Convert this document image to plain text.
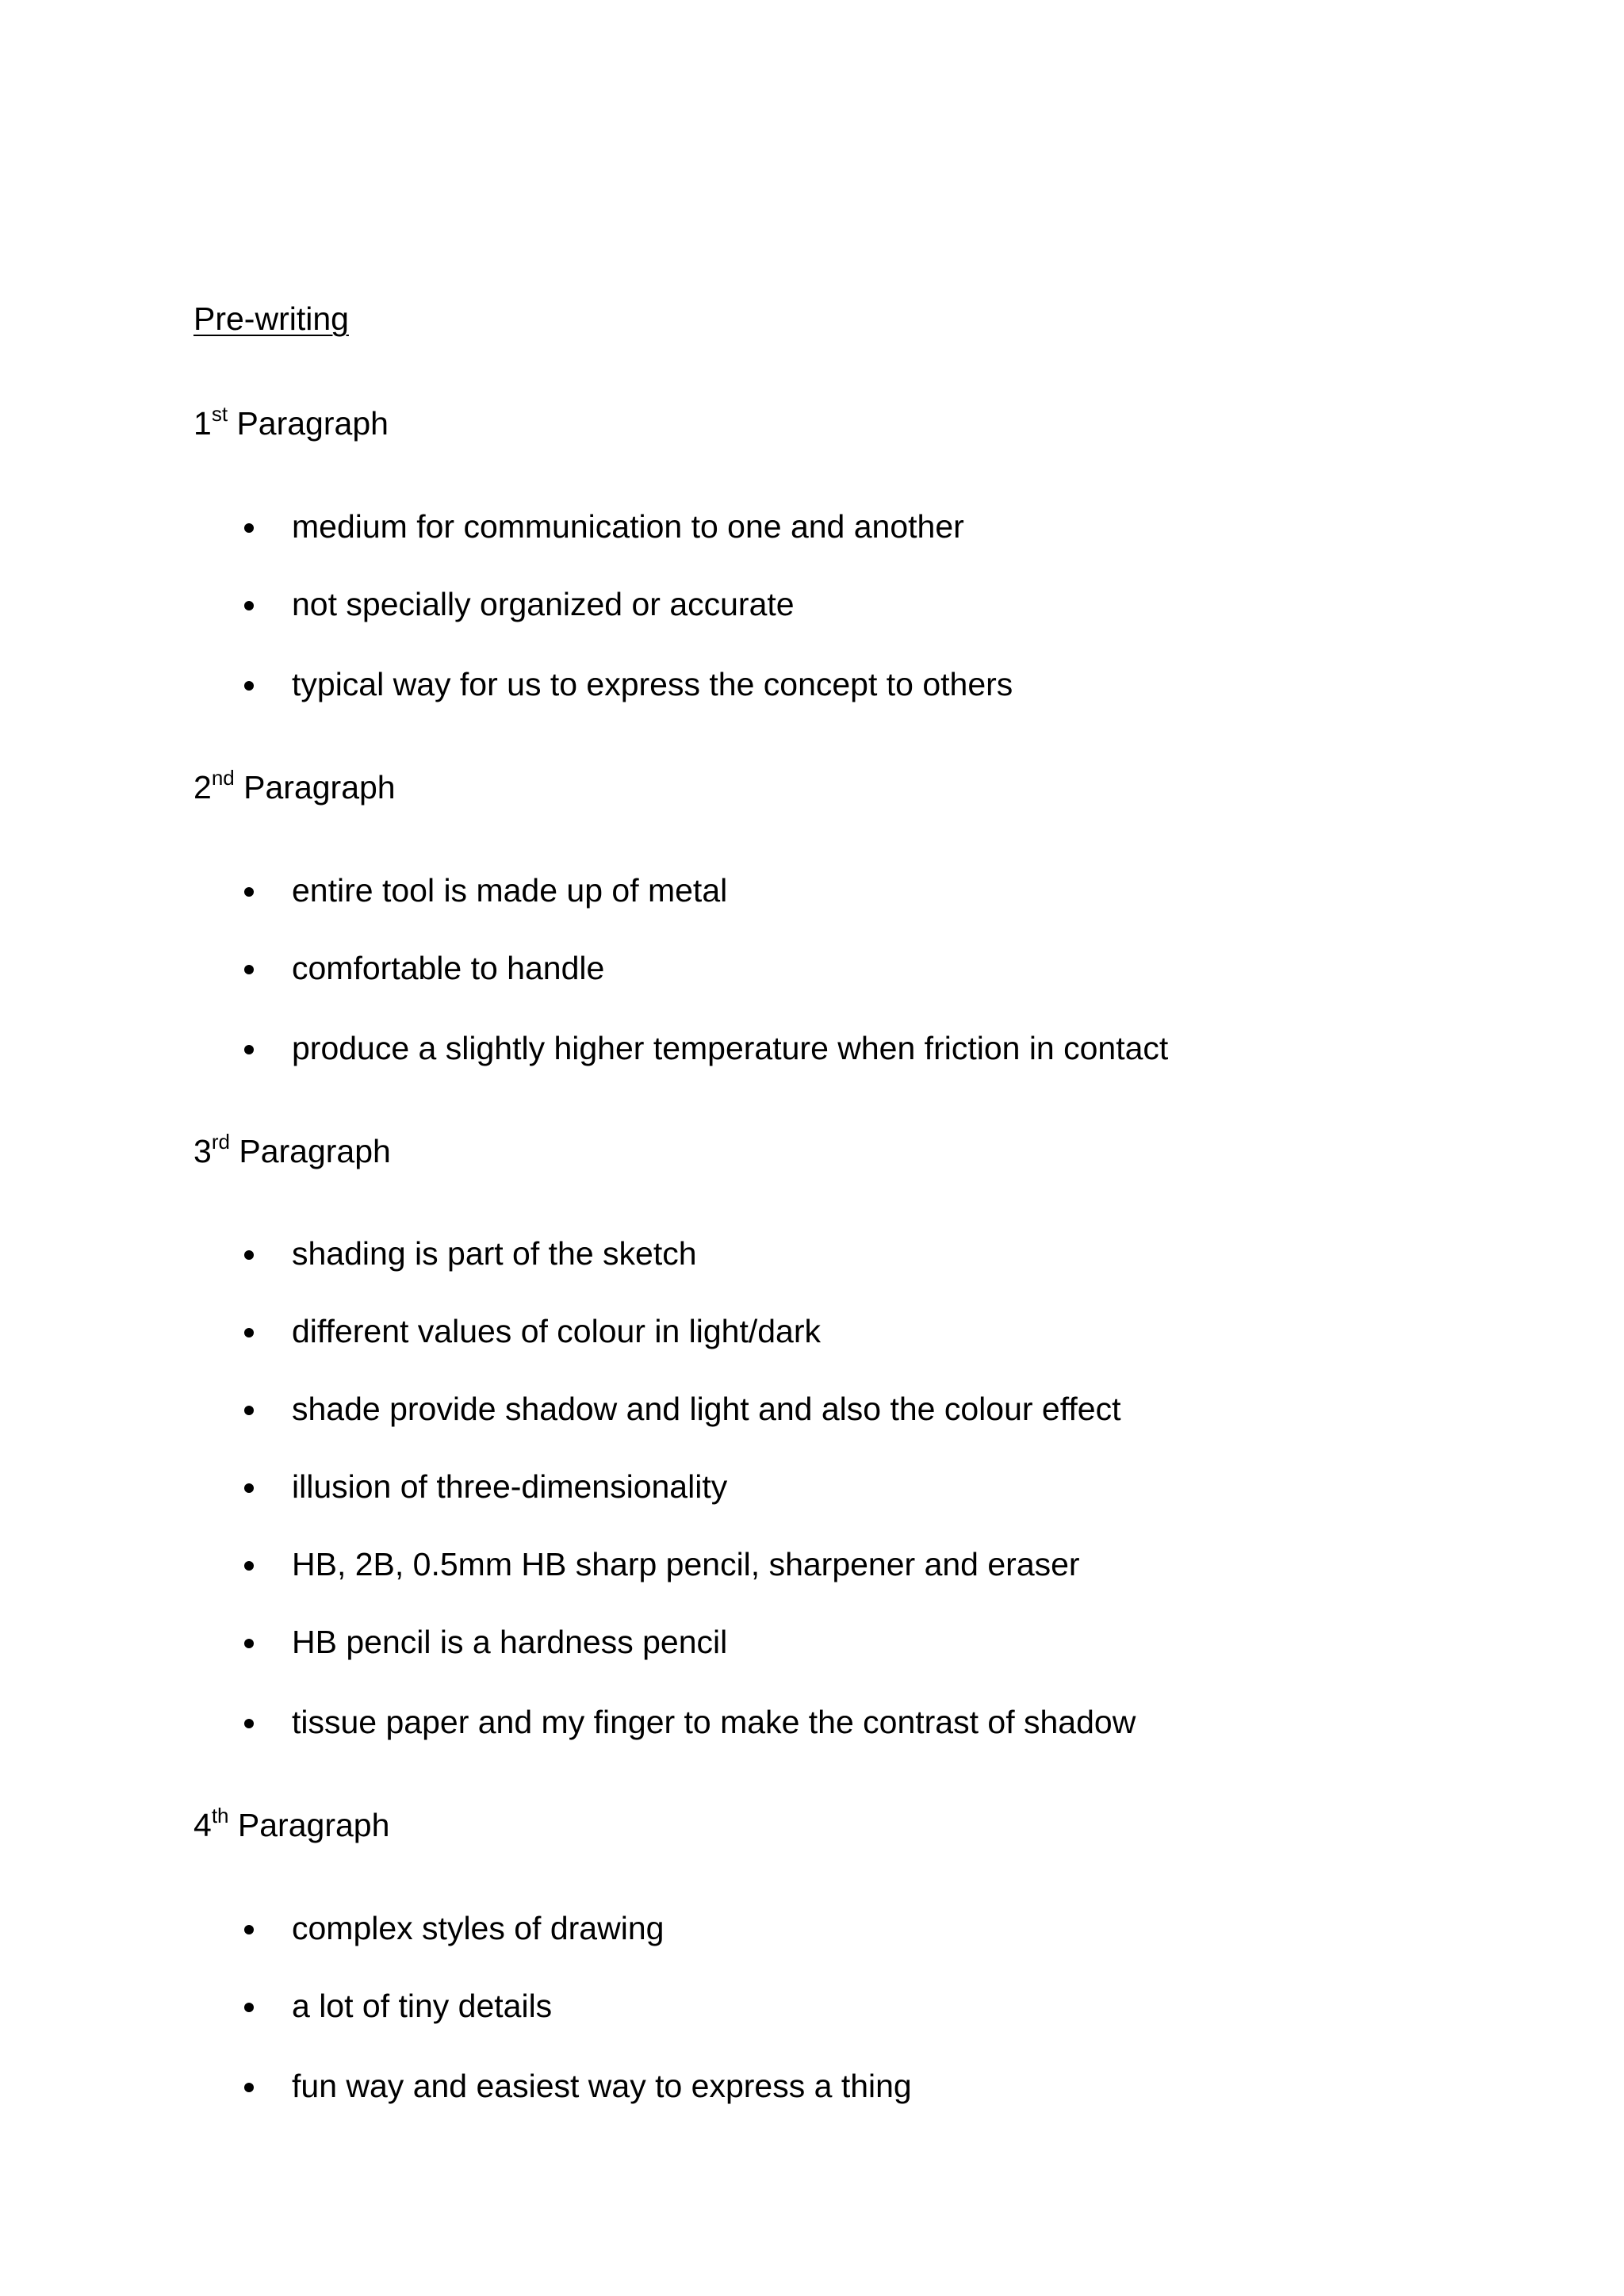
Pre-writing
1st Paragraph
medium for communication to one and another
not specially organized or accurate
typical way for us to express the concept to others
2nd Paragraph
entire tool is made up of metal
comfortable to handle
produce a slightly higher temperature when friction in contact
3rd Paragraph
shading is part of the sketch
different values of colour in light/dark
shade provide shadow and light and also the colour effect
illusion of three-dimensionality
HB, 2B, 0.5mm HB sharp pencil, sharpener and eraser
HB pencil is a hardness pencil
tissue paper and my finger to make the contrast of shadow
4th Paragraph
complex styles of drawing
a lot of tiny details
fun way and easiest way to express a thing
